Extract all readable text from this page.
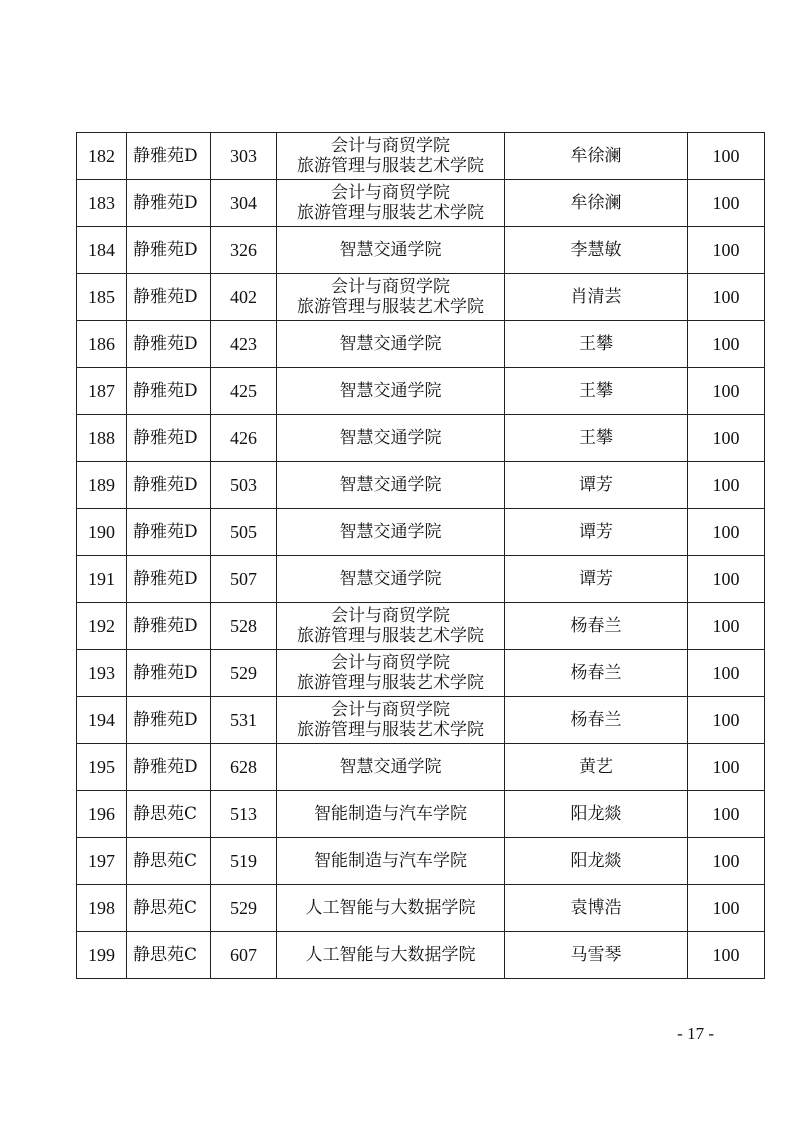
182	静雅苑D	303	会计与商贸学院
旅游管理与服装艺术学院	牟徐澜	100
183	静雅苑D	304	会计与商贸学院
旅游管理与服装艺术学院	牟徐澜	100
184	静雅苑D	326	智慧交通学院	李慧敏	100
185	静雅苑D	402	会计与商贸学院
旅游管理与服装艺术学院	肖清芸	100
186	静雅苑D	423	智慧交通学院	王攀	100
187	静雅苑D	425	智慧交通学院	王攀	100
188	静雅苑D	426	智慧交通学院	王攀	100
189	静雅苑D	503	智慧交通学院	谭芳	100
190	静雅苑D	505	智慧交通学院	谭芳	100
191	静雅苑D	507	智慧交通学院	谭芳	100
192	静雅苑D	528	会计与商贸学院
旅游管理与服装艺术学院	杨春兰	100
193	静雅苑D	529	会计与商贸学院
旅游管理与服装艺术学院	杨春兰	100
194	静雅苑D	531	会计与商贸学院
旅游管理与服装艺术学院	杨春兰	100
195	静雅苑D	628	智慧交通学院	黄艺	100
196	静思苑C	513	智能制造与汽车学院	阳龙燚	100
197	静思苑C	519	智能制造与汽车学院	阳龙燚	100
198	静思苑C	529	人工智能与大数据学院	袁博浩	100
199	静思苑C	607	人工智能与大数据学院	马雪琴	100
- 17 -
